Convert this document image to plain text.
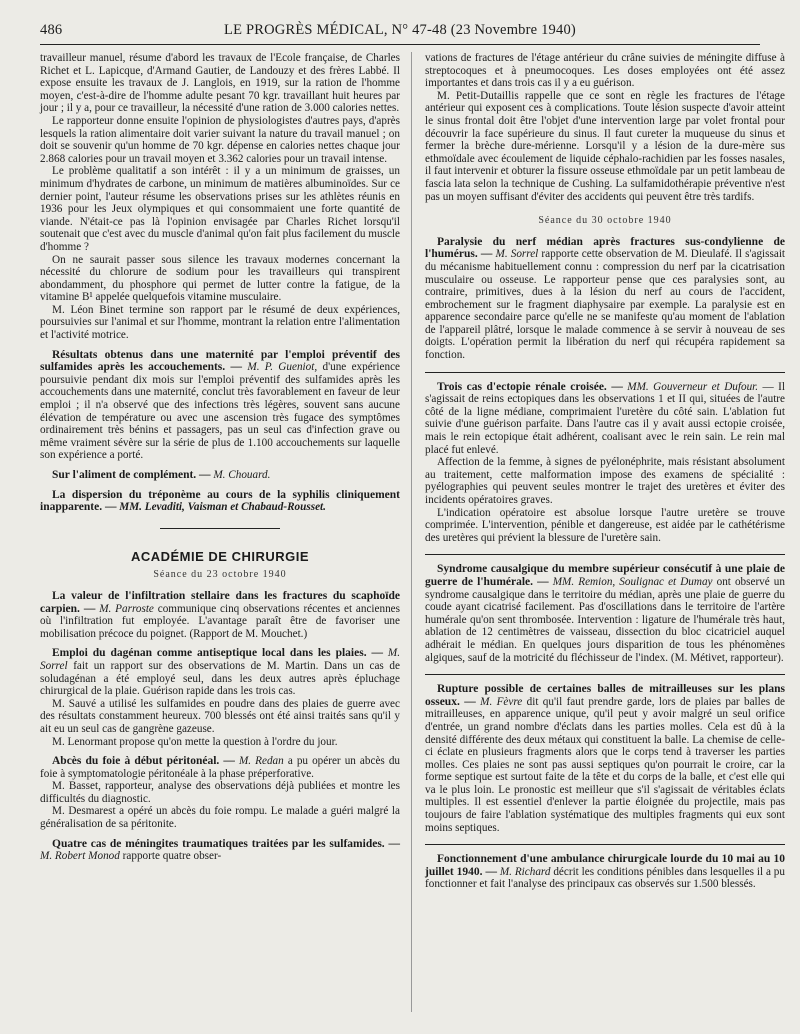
486	LE PROGRÈS MÉDICAL, N° 47-48 (23 Novembre 1940)

travailleur manuel, résume d'abord les travaux de l'Ecole française, de Charles Richet et L. Lapicque, d'Armand Gautier, de Landouzy et des frères Labbé. Il expose ensuite les travaux de J. Langlois, en 1919, sur la ration de l'homme moyen, c'est-à-dire de l'homme adulte pesant 70 kgr. travaillant huit heures par jour ; il y a, pour ce travailleur, la nécessité d'une ration de 3.000 calories nettes.

Le rapporteur donne ensuite l'opinion de physiologistes d'autres pays, d'après lesquels la ration alimentaire doit varier suivant la nature du travail manuel ; on doit se souvenir qu'un homme de 70 kgr. dépense en calories nettes chaque jour 2.868 calories pour un travail moyen et 3.362 calories pour un travail intense.

Le problème qualitatif a son intérêt : il y a un minimum de graisses, un minimum d'hydrates de carbone, un minimum de matières albuminoïdes. Sur ce dernier point, l'auteur résume les observations prises sur les athlètes réunis en 1936 pour les Jeux olympiques et qui consommaient une forte quantité de viande. N'était-ce pas là l'opinion envisagée par Charles Richet lorsqu'il soutenait que c'est avec du muscle d'animal qu'on fait plus facilement du muscle d'homme ?

On ne saurait passer sous silence les travaux modernes concernant la nécessité du chlorure de sodium pour les travailleurs qui transpirent abondamment, du phosphore qui permet de lutter contre la fatigue, de la vitamine B¹ appelée quelquefois vitamine musculaire.

M. Léon Binet termine son rapport par le résumé de deux expériences, poursuivies sur l'animal et sur l'homme, montrant la relation entre l'alimentation et l'activité motrice.

Résultats obtenus dans une maternité par l'emploi préventif des sulfamides après les accouchements. — M. P. Gueniot, d'une expérience poursuivie pendant dix mois sur l'emploi préventif des sulfamides après les accouchements dans une maternité, conclut très favorablement en faveur de leur emploi ; il n'a observé que des infections très légères, souvent sans aucune élévation de température ou avec une ascension très fugace des symptômes ordinairement très bénins et passagers, pas un seul cas d'infection grave ou même vraiment sévère sur la série de plus de 1.100 accouchements sur laquelle son expérience a porté.

Sur l'aliment de complément. — M. Chouard.

La dispersion du tréponème au cours de la syphilis cliniquement inapparente. — MM. Levaditi, Vaisman et Chabaud-Rousset.

ACADÉMIE DE CHIRURGIE
Séance du 23 octobre 1940

La valeur de l'infiltration stellaire dans les fractures du scaphoïde carpien. — M. Parroste communique cinq observations récentes et anciennes où l'infiltration fut employée. L'avantage paraît être de favoriser une mobilisation précoce du poignet. (Rapport de M. Mouchet.)

Emploi du dagénan comme antiseptique local dans les plaies. — M. Sorrel fait un rapport sur des observations de M. Martin. Dans un cas de soludagénan a été employé seul, dans les deux autres après épluchage chirurgical de la plaie. Guérison rapide dans les trois cas.

M. Sauvé a utilisé les sulfamides en poudre dans des plaies de guerre avec des résultats constamment heureux. 700 blessés ont été ainsi traités sans qu'il y ait eu un seul cas de gangrène gazeuse.

M. Lenormant propose qu'on mette la question à l'ordre du jour.

Abcès du foie à début péritonéal. — M. Redan a pu opérer un abcès du foie à symptomatologie péritonéale à la phase préperforative.

M. Basset, rapporteur, analyse des observations déjà publiées et montre les difficultés du diagnostic.

M. Desmarest a opéré un abcès du foie rompu. Le malade a guéri malgré la généralisation de sa péritonite.

Quatre cas de méningites traumatiques traitées par les sulfamides. — M. Robert Monod rapporte quatre obser-

vations de fractures de l'étage antérieur du crâne suivies de méningite diffuse à streptocoques et à pneumocoques. Les doses employées ont été assez importantes et dans trois cas il y a eu guérison.

M. Petit-Dutaillis rappelle que ce sont en règle les fractures de l'étage antérieur qui exposent ces à complications. Toute lésion suspecte d'avoir atteint le sinus frontal doit être l'objet d'une intervention large par volet frontal pour découvrir la face supérieure du sinus. Il faut cureter la muqueuse du sinus et fermer la brèche dure-mérienne. Lorsqu'il y a lésion de la dure-mère sus ethmoïdale avec écoulement de liquide céphalo-rachidien par les fosses nasales, il faut intervenir et obturer la fissure osseuse ethmoïdale par un petit lambeau de fascia lata selon la technique de Cushing. La sulfamidothérapie préventive n'est pas un moyen suffisant d'éviter des accidents qui peuvent être très tardifs.

Séance du 30 octobre 1940

Paralysie du nerf médian après fractures sus-condylienne de l'humérus. — M. Sorrel rapporte cette observation de M. Dieulafé. Il s'agissait du mécanisme habituellement connu : compression du nerf par la cicatrisation musculaire ou osseuse. Le rapporteur pense que ces paralysies sont, au contraire, primitives, dues à la lésion du nerf au cours de l'accident, embrochement sur le fragment diaphysaire par exemple. La paralysie est en apparence secondaire parce qu'elle ne se manifeste qu'au moment de l'ablation de l'appareil plâtré, lorsque le malade commence à se servir à nouveau de ses doigts. L'opération permit la libération du nerf qui récupéra rapidement sa fonction.

Trois cas d'ectopie rénale croisée. — MM. Gouverneur et Dufour. — Il s'agissait de reins ectopiques dans les observations 1 et II qui, situées de l'autre côté de la ligne médiane, comprimaient l'uretère du côté sain. L'ablation fut suivie d'une guérison parfaite. Dans l'autre cas il y avait aussi ectopie croisée, mais le rein ectopique était adhérent, coalisant avec le rein sain. Le rein mal placé fut enlevé.

Affection de la femme, à signes de pyélonéphrite, mais résistant absolument au traitement, cette malformation impose des examens de spécialité : pyélographies qui peuvent seules montrer le trajet des uretères et éviter des incidents opératoires graves.

L'indication opératoire est absolue lorsque l'autre uretère se trouve comprimée. L'intervention, pénible et dangereuse, est aidée par le cathétérisme des uretères qui prévient la blessure de l'uretère sain.

Syndrome causalgique du membre supérieur consécutif à une plaie de guerre de l'humérale. — MM. Remion, Soulignac et Dumay ont observé un syndrome causalgique dans le territoire du médian, après une plaie de guerre du coude ayant cicatrisé facilement. Pas d'oscillations dans le territoire de l'artère humérale qu'on sent thrombosée. Intervention : ligature de l'humérale très haut, ablation de 12 centimètres de vaisseau, dissection du bloc cicatriciel auquel adhérait le médian. En quelques jours disparition de tous les phénomènes algiques, sauf de la motricité du fléchisseur de l'index. (M. Métivet, rapporteur).

Rupture possible de certaines balles de mitrailleuses sur les plans osseux. — M. Fèvre dit qu'il faut prendre garde, lors de plaies par balles de mitrailleuses, en apparence unique, qu'il peut y avoir malgré un seul orifice d'entrée, un grand nombre d'éclats dans les parties molles. Cela est dû à la densité différente des deux métaux qui constituent la balle. La chemise de celle-ci éclate en plusieurs fragments alors que le corps tend à traverser les parties molles. Ces plaies ne sont pas aussi septiques qu'on pourrait le croire, car la forme septique est surtout faite de la tête et du corps de la balle, et c'est elle qui va le plus loin. Le pronostic est meilleur que s'il s'agissait de véritables éclats multiples. Il est essentiel d'enlever la partie éloignée du projectile, mais pas toujours de faire l'ablation systématique des multiples fragments qui eux sont moins septiques.

Fonctionnement d'une ambulance chirurgicale lourde du 10 mai au 10 juillet 1940. — M. Richard décrit les conditions pénibles dans lesquelles il a pu fonctionner et fait l'analyse des principaux cas observés sur 1.500 blessés.
